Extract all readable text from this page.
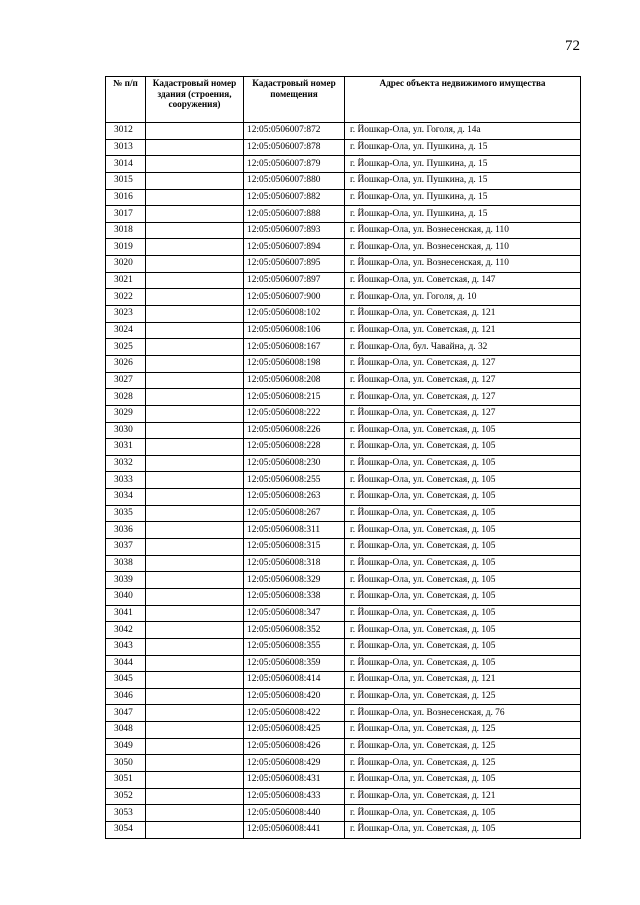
72
№ п/п	Кадастровый номер здания (строения, сооружения)	Кадастровый номер помещения	Адрес объекта недвижимого имущества
3012		12:05:0506007:872	г. Йошкар-Ола, ул. Гоголя, д. 14а
3013		12:05:0506007:878	г. Йошкар-Ола, ул. Пушкина, д. 15
3014		12:05:0506007:879	г. Йошкар-Ола, ул. Пушкина, д. 15
3015		12:05:0506007:880	г. Йошкар-Ола, ул. Пушкина, д. 15
3016		12:05:0506007:882	г. Йошкар-Ола, ул. Пушкина, д. 15
3017		12:05:0506007:888	г. Йошкар-Ола, ул. Пушкина, д. 15
3018		12:05:0506007:893	г. Йошкар-Ола, ул. Вознесенская, д. 110
3019		12:05:0506007:894	г. Йошкар-Ола, ул. Вознесенская, д. 110
3020		12:05:0506007:895	г. Йошкар-Ола, ул. Вознесенская, д. 110
3021		12:05:0506007:897	г. Йошкар-Ола, ул. Советская, д. 147
3022		12:05:0506007:900	г. Йошкар-Ола, ул. Гоголя, д. 10
3023		12:05:0506008:102	г. Йошкар-Ола, ул. Советская, д. 121
3024		12:05:0506008:106	г. Йошкар-Ола, ул. Советская, д. 121
3025		12:05:0506008:167	г. Йошкар-Ола, бул. Чавайна, д. 32
3026		12:05:0506008:198	г. Йошкар-Ола, ул. Советская, д. 127
3027		12:05:0506008:208	г. Йошкар-Ола, ул. Советская, д. 127
3028		12:05:0506008:215	г. Йошкар-Ола, ул. Советская, д. 127
3029		12:05:0506008:222	г. Йошкар-Ола, ул. Советская, д. 127
3030		12:05:0506008:226	г. Йошкар-Ола, ул. Советская, д. 105
3031		12:05:0506008:228	г. Йошкар-Ола, ул. Советская, д. 105
3032		12:05:0506008:230	г. Йошкар-Ола, ул. Советская, д. 105
3033		12:05:0506008:255	г. Йошкар-Ола, ул. Советская, д. 105
3034		12:05:0506008:263	г. Йошкар-Ола, ул. Советская, д. 105
3035		12:05:0506008:267	г. Йошкар-Ола, ул. Советская, д. 105
3036		12:05:0506008:311	г. Йошкар-Ола, ул. Советская, д. 105
3037		12:05:0506008:315	г. Йошкар-Ола, ул. Советская, д. 105
3038		12:05:0506008:318	г. Йошкар-Ола, ул. Советская, д. 105
3039		12:05:0506008:329	г. Йошкар-Ола, ул. Советская, д. 105
3040		12:05:0506008:338	г. Йошкар-Ола, ул. Советская, д. 105
3041		12:05:0506008:347	г. Йошкар-Ола, ул. Советская, д. 105
3042		12:05:0506008:352	г. Йошкар-Ола, ул. Советская, д. 105
3043		12:05:0506008:355	г. Йошкар-Ола, ул. Советская, д. 105
3044		12:05:0506008:359	г. Йошкар-Ола, ул. Советская, д. 105
3045		12:05:0506008:414	г. Йошкар-Ола, ул. Советская, д. 121
3046		12:05:0506008:420	г. Йошкар-Ола, ул. Советская, д. 125
3047		12:05:0506008:422	г. Йошкар-Ола, ул. Вознесенская, д. 76
3048		12:05:0506008:425	г. Йошкар-Ола, ул. Советская, д. 125
3049		12:05:0506008:426	г. Йошкар-Ола, ул. Советская, д. 125
3050		12:05:0506008:429	г. Йошкар-Ола, ул. Советская, д. 125
3051		12:05:0506008:431	г. Йошкар-Ола, ул. Советская, д. 105
3052		12:05:0506008:433	г. Йошкар-Ола, ул. Советская, д. 121
3053		12:05:0506008:440	г. Йошкар-Ола, ул. Советская, д. 105
3054		12:05:0506008:441	г. Йошкар-Ола, ул. Советская, д. 105
